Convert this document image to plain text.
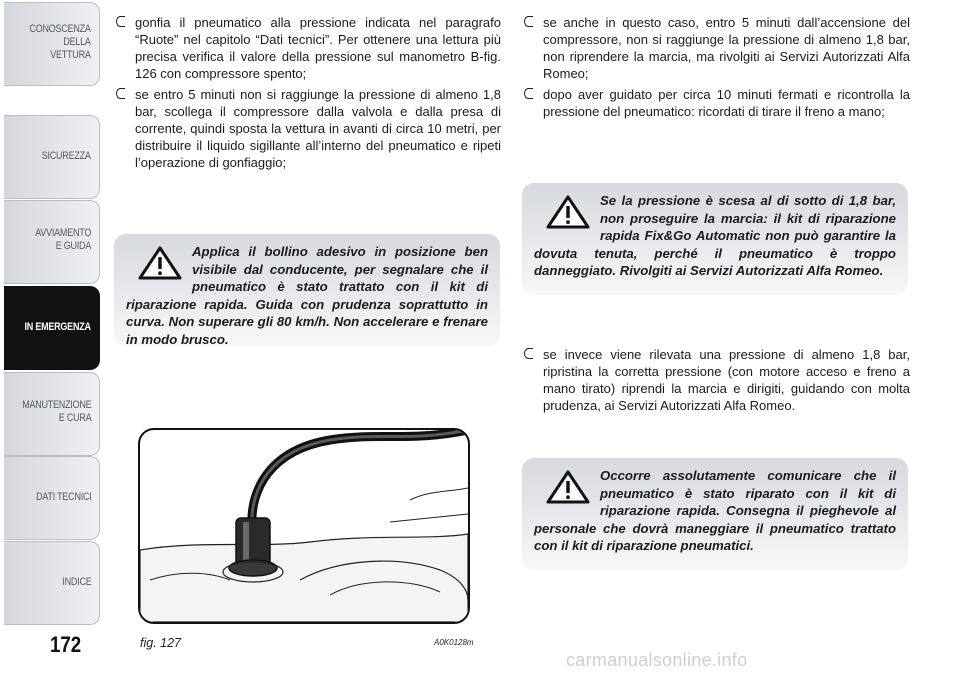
CONOSCENZA
DELLA
VETTURA
SICUREZZA
AVVIAMENTO
E GUIDA
IN EMERGENZA
MANUTENZIONE
E CURA
DATI TECNICI
INDICE
172
gonfia il pneumatico alla pressione indicata nel paragrafo “Ruote” nel capitolo “Dati tecnici”. Per ottenere una lettura più precisa verifica il valore della pressione sul manometro B-fig. 126 con compressore spento;
se entro 5 minuti non si raggiunge la pressione di almeno 1,8 bar, scollega il compressore dalla valvola e dalla presa di corrente, quindi sposta la vettura in avanti di circa 10 metri, per distribuire il liquido sigillante all’interno del pneumatico e ripeti l’operazione di gonfiaggio;
Applica il bollino adesivo in posizione ben visibile dal conducente, per segnalare che il pneumatico è stato trattato con il kit di riparazione rapida. Guida con prudenza soprattutto in curva. Non superare gli 80 km/h. Non accelerare e frenare in modo brusco.
se anche in questo caso, entro 5 minuti dall’accensione del compressore, non si raggiunge la pressione di almeno 1,8 bar, non riprendere la marcia, ma rivolgiti ai Servizi Autorizzati Alfa Romeo;
dopo aver guidato per circa 10 minuti fermati e ricontrolla la pressione del pneumatico: ricordati di tirare il freno a mano;
Se la pressione è scesa al di sotto di 1,8 bar, non proseguire la marcia: il kit di riparazione rapida Fix&Go Automatic non può garantire la dovuta tenuta, perché il pneumatico è troppo danneggiato. Rivolgiti ai Servizi Autorizzati Alfa Romeo.
se invece viene rilevata una pressione di almeno 1,8 bar, ripristina la corretta pressione (con motore acceso e freno a mano tirato) riprendi la marcia e dirigiti, guidando con molta prudenza, ai Servizi Autorizzati Alfa Romeo.
Occorre assolutamente comunicare che il pneumatico è stato riparato con il kit di riparazione rapida. Consegna il pieghevole al personale che dovrà maneggiare il pneumatico trattato con il kit di riparazione pneumatici.
fig. 127	A0K0128m
carmanualsonline.info
